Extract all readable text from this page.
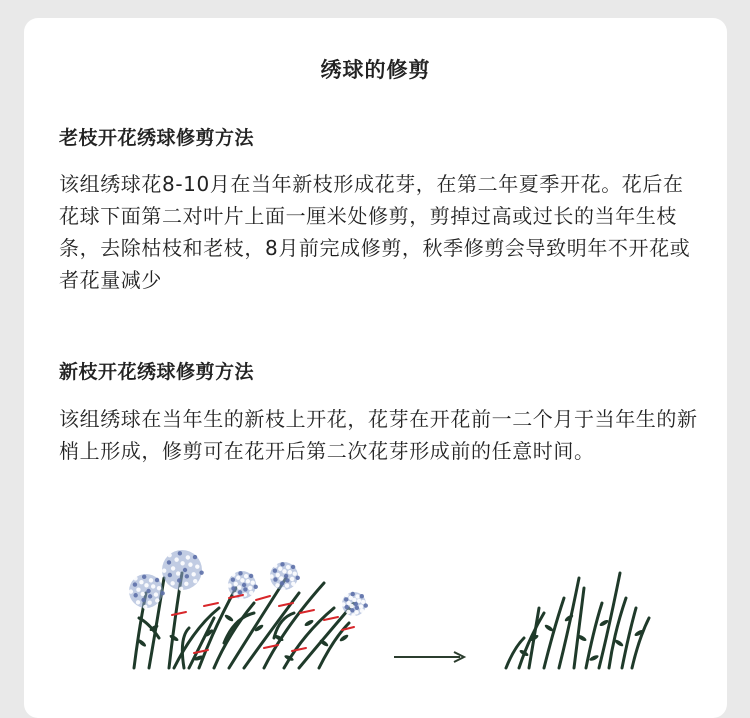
绣球的修剪
老枝开花绣球修剪方法
该组绣球花8-10月在当年新枝形成花芽，在第二年夏季开花。花后在花球下面第二对叶片上面一厘米处修剪，剪掉过高或过长的当年生枝条，去除枯枝和老枝，8月前完成修剪，秋季修剪会导致明年不开花或者花量减少
新枝开花绣球修剪方法
该组绣球在当年生的新枝上开花，花芽在开花前一二个月于当年生的新梢上形成，修剪可在花开后第二次花芽形成前的任意时间。
